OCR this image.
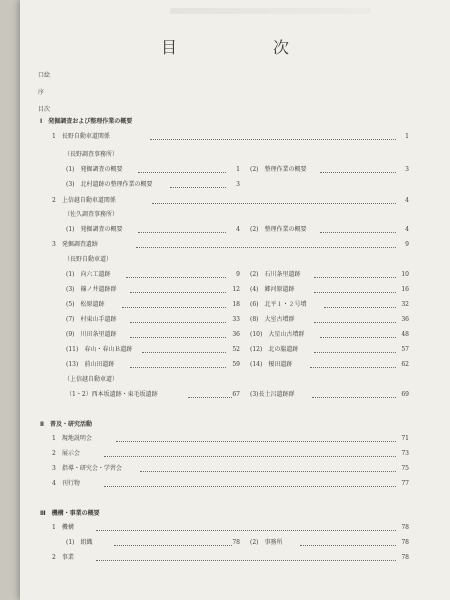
目　次
口絵
序
目次
Ⅰ　発掘調査および整理作業の概要
1　長野自動車道関係	1
（長野調査事務所）
(1)　発掘調査の概要	1 (2)　整理作業の概要	3
(3)　北村遺跡の整理作業の概要	3
2　上信越自動車道関係	4
（佐久調査事務所）
(1)　発掘調査の概要	4 (2)　整理作業の概要	4
3　発掘調査遺跡	9
（長野自動車道）
(1)　向六工遺跡	9 (2)　石川条里遺跡	10
(3)　篠ノ井遺跡群	12 (4)　郷河原遺跡	16
(5)　松原遺跡	18 (6)　北平１・２号墳	32
(7)　村東山手遺跡	33 (8)　大室古墳群	36
(9)　川田条里遺跡	36 (10)　大星山古墳群	48
(11)　春山・春山Ｂ遺跡	52 (12)　北の脇遺跡	57
(13)　前山田遺跡	59 (14)　榎田遺跡	62
（上信越自動車道）
（1・2）西本坂遺跡・東毛坂遺跡	67 (3)長土呂遺跡群	69
Ⅱ　普及・研究活動
1　現地説明会	71
2　展示会	73
3　指導・研究会・学習会	75
4　刊行物	77
Ⅲ　機構・事業の概要
1　機構	78
(1)　組織	78 (2)　事務所	78
2　事業	78
